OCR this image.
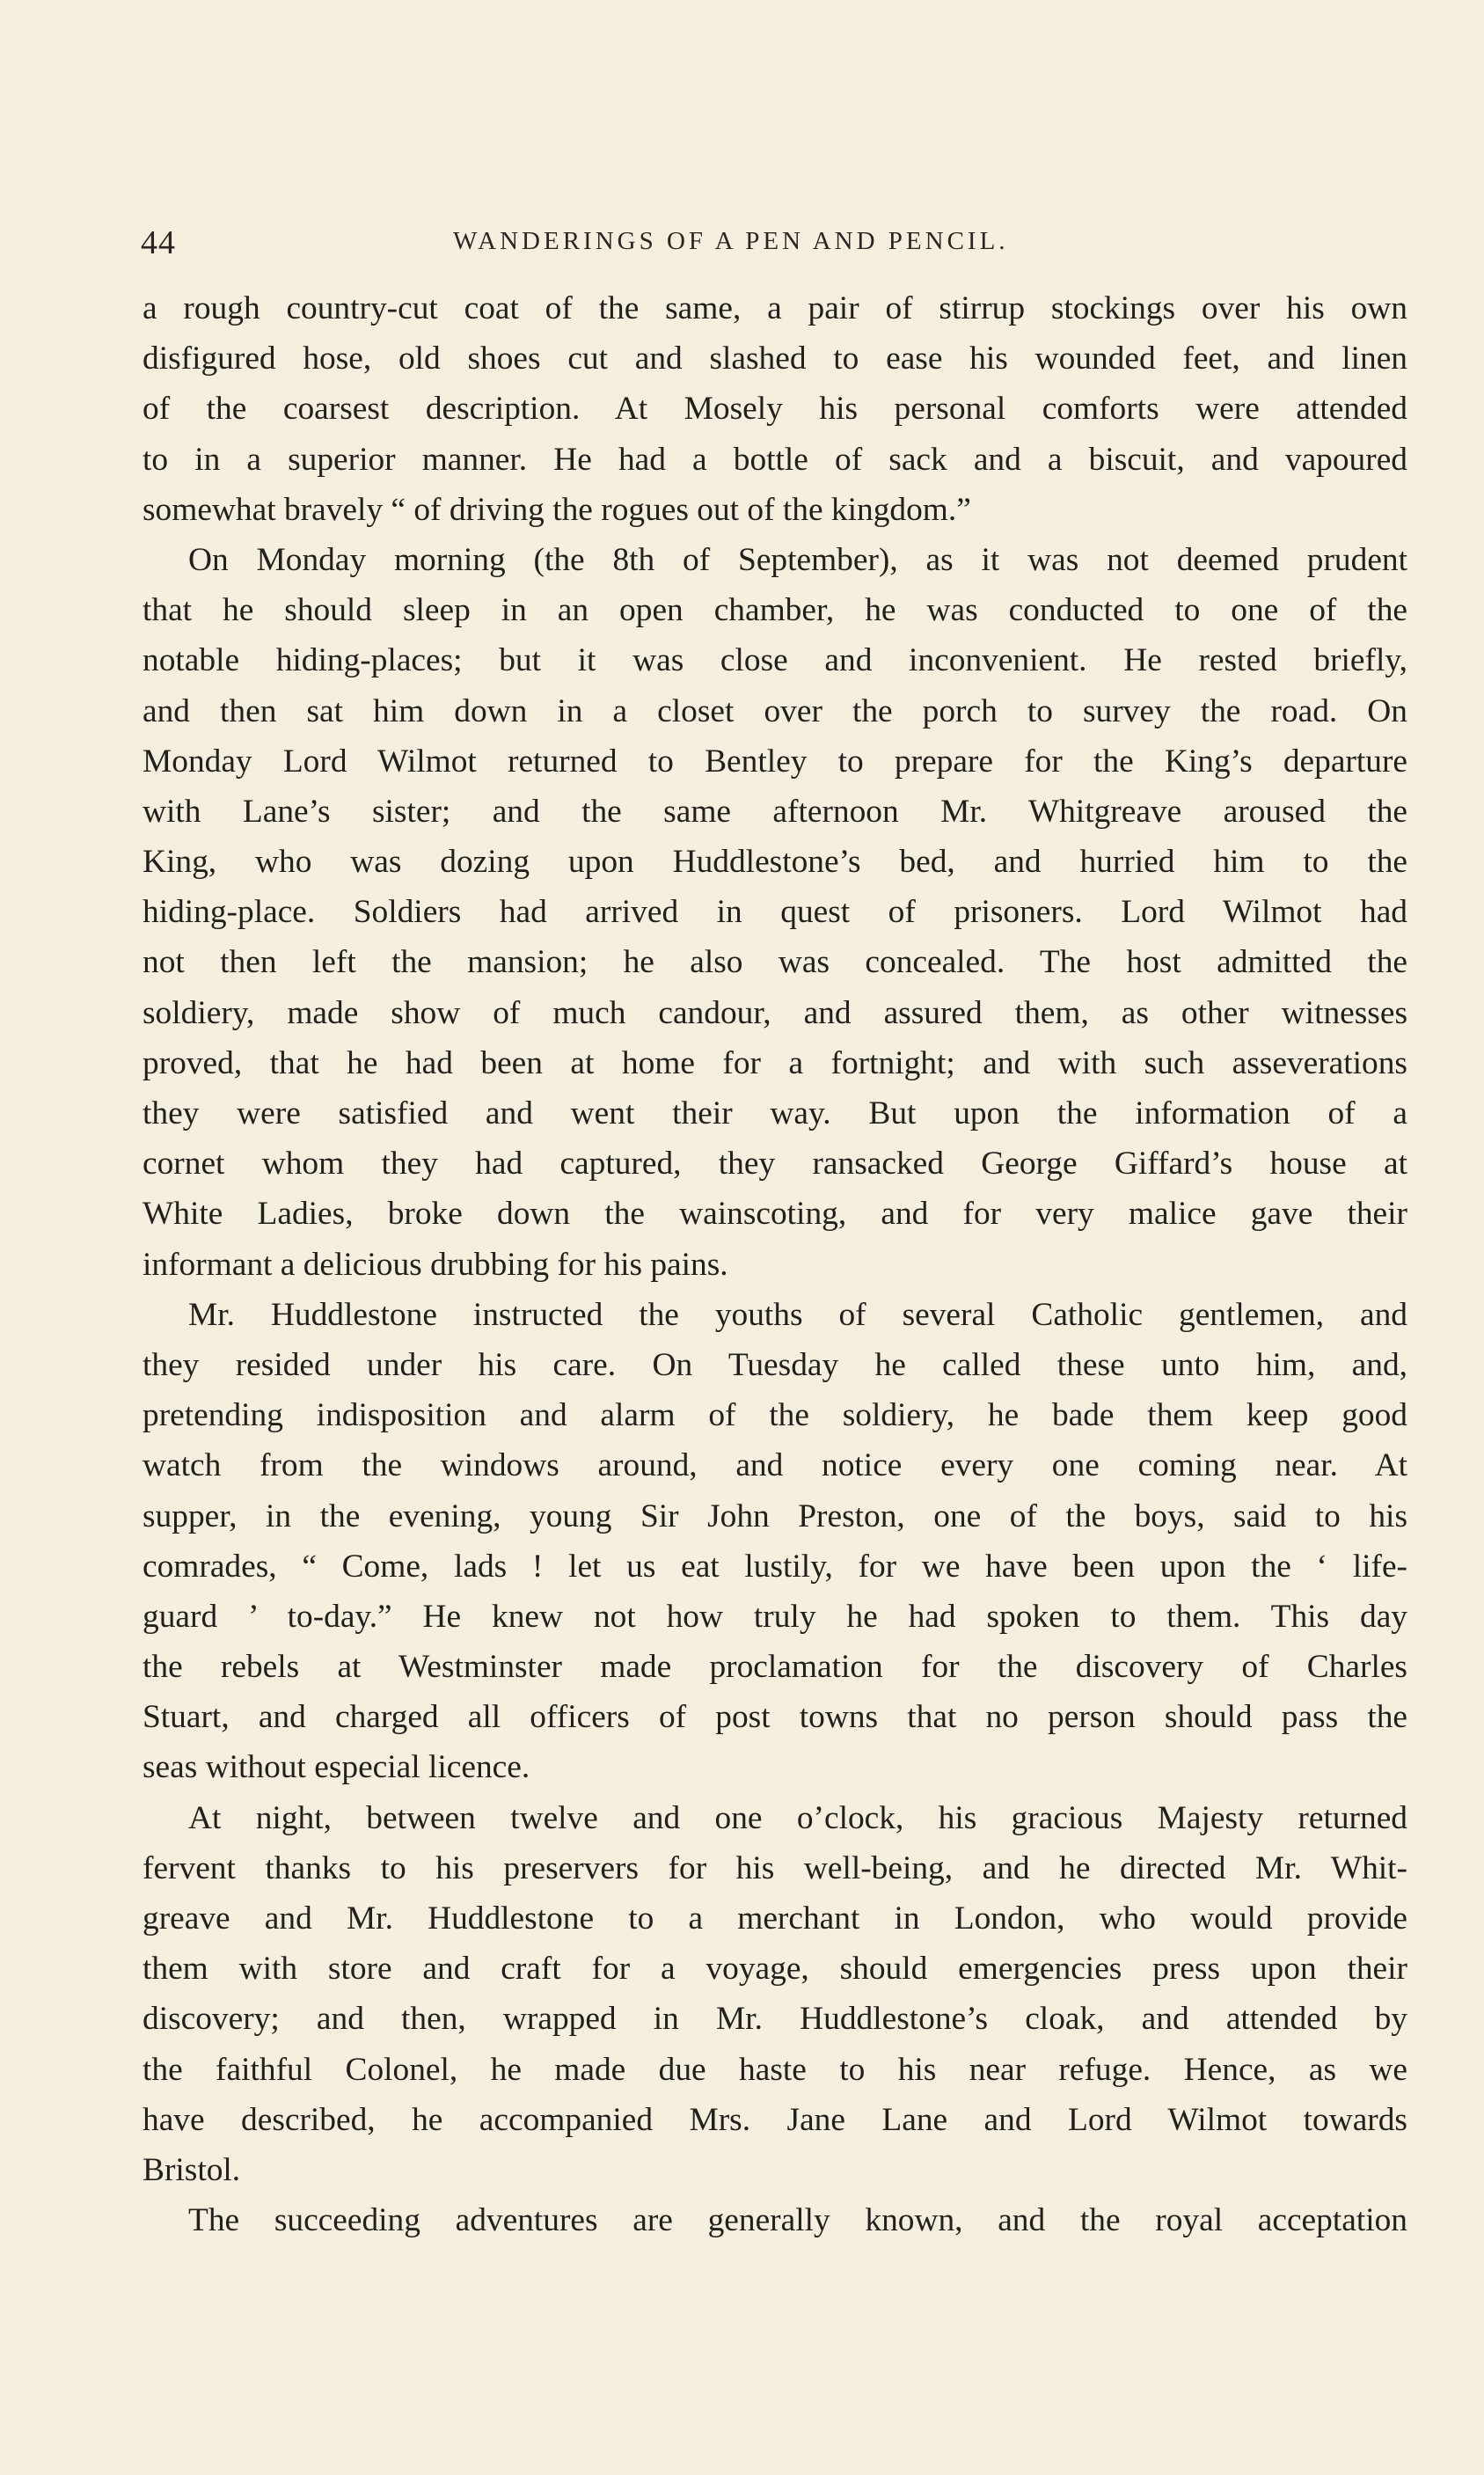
44	WANDERINGS OF A PEN AND PENCIL.

a rough country-cut coat of the same, a pair of stirrup stockings over his own

disfigured hose, old shoes cut and slashed to ease his wounded feet, and linen

of the coarsest description. At Mosely his personal comforts were attended

to in a superior manner. He had a bottle of sack and a biscuit, and vapoured

somewhat bravely “ of driving the rogues out of the kingdom.”

On Monday morning (the 8th of September), as it was not deemed prudent

that he should sleep in an open chamber, he was conducted to one of the

notable hiding-places; but it was close and inconvenient. He rested briefly,

and then sat him down in a closet over the porch to survey the road. On

Monday Lord Wilmot returned to Bentley to prepare for the King’s departure

with Lane’s sister; and the same afternoon Mr. Whitgreave aroused the

King, who was dozing upon Huddlestone’s bed, and hurried him to the

hiding-place. Soldiers had arrived in quest of prisoners. Lord Wilmot had

not then left the mansion; he also was concealed. The host admitted the

soldiery, made show of much candour, and assured them, as other witnesses

proved, that he had been at home for a fortnight; and with such asseverations

they were satisfied and went their way. But upon the information of a

cornet whom they had captured, they ransacked George Giffard’s house at

White Ladies, broke down the wainscoting, and for very malice gave their

informant a delicious drubbing for his pains.

Mr. Huddlestone instructed the youths of several Catholic gentlemen, and

they resided under his care. On Tuesday he called these unto him, and,

pretending indisposition and alarm of the soldiery, he bade them keep good

watch from the windows around, and notice every one coming near. At

supper, in the evening, young Sir John Preston, one of the boys, said to his

comrades, “ Come, lads ! let us eat lustily, for we have been upon the ‘ life-

guard ’ to-day.” He knew not how truly he had spoken to them. This day

the rebels at Westminster made proclamation for the discovery of Charles

Stuart, and charged all officers of post towns that no person should pass the

seas without especial licence.

At night, between twelve and one o’clock, his gracious Majesty returned

fervent thanks to his preservers for his well-being, and he directed Mr. Whit-

greave and Mr. Huddlestone to a merchant in London, who would provide

them with store and craft for a voyage, should emergencies press upon their

discovery; and then, wrapped in Mr. Huddlestone’s cloak, and attended by

the faithful Colonel, he made due haste to his near refuge. Hence, as we

have described, he accompanied Mrs. Jane Lane and Lord Wilmot towards

Bristol.

The succeeding adventures are generally known, and the royal acceptation
